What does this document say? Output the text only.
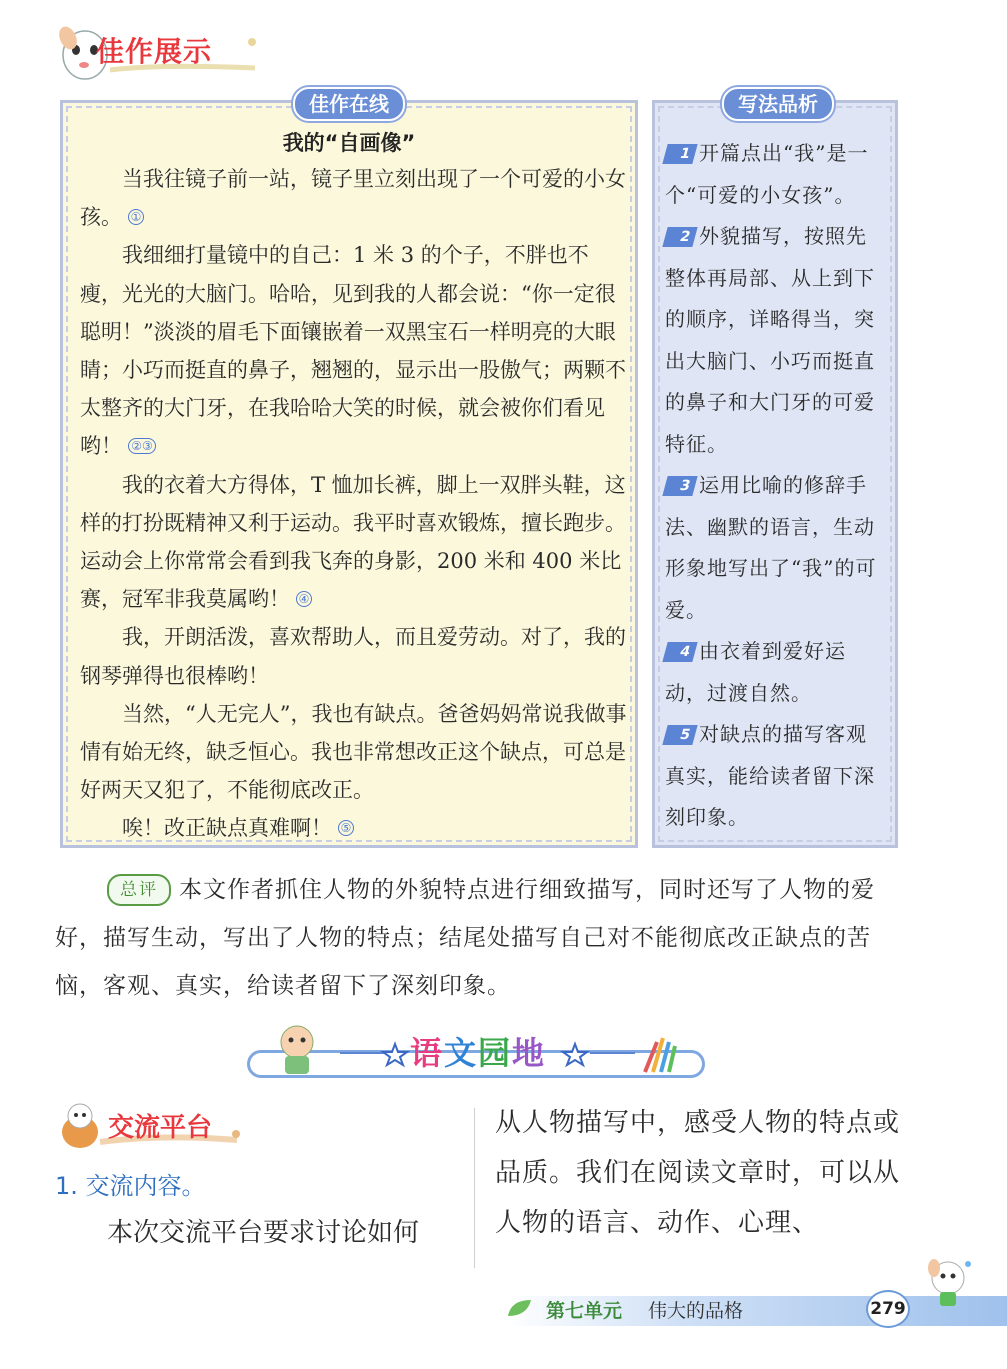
佳作展示
佳作在线	写法品析
我的“自画像”

当我往镜子前一站，镜子里立刻出现了一个可爱的小女孩。 ①

我细细打量镜中的自己：1 米 3 的个子，不胖也不瘦，光光的大脑门。哈哈，见到我的人都会说：“你一定很聪明！”淡淡的眉毛下面镶嵌着一双黑宝石一样明亮的大眼睛；小巧而挺直的鼻子，翘翘的，显示出一股傲气；两颗不太整齐的大门牙，在我哈哈大笑的时候，就会被你们看见哟！ ②③

我的衣着大方得体，T 恤加长裤，脚上一双胖头鞋，这样的打扮既精神又利于运动。我平时喜欢锻炼，擅长跑步。运动会上你常常会看到我飞奔的身影，200 米和 400 米比赛，冠军非我莫属哟！ ④

我，开朗活泼，喜欢帮助人，而且爱劳动。对了，我的钢琴弹得也很棒哟！

当然，“人无完人”，我也有缺点。爸爸妈妈常说我做事情有始无终，缺乏恒心。我也非常想改正这个缺点，可总是好两天又犯了，不能彻底改正。

唉！改正缺点真难啊！ ⑤

1 开篇点出“我”是一个“可爱的小女孩”。

2 外貌描写，按照先整体再局部、从上到下的顺序，详略得当，突出大脑门、小巧而挺直的鼻子和大门牙的可爱特征。

3 运用比喻的修辞手法、幽默的语言，生动形象地写出了“我”的可爱。

4 由衣着到爱好运动，过渡自然。

5 对缺点的描写客观真实，能给读者留下深刻印象。

总评 本文作者抓住人物的外貌特点进行细致描写，同时还写了人物的爱好，描写生动，写出了人物的特点；结尾处描写自己对不能彻底改正缺点的苦恼，客观、真实，给读者留下了深刻印象。
语文园地
交流平台
1. 交流内容。
本次交流平台要求讨论如何
从人物描写中，感受人物的特点或品质。我们在阅读文章时，可以从人物的语言、动作、心理、
第七单元 伟大的品格	279
